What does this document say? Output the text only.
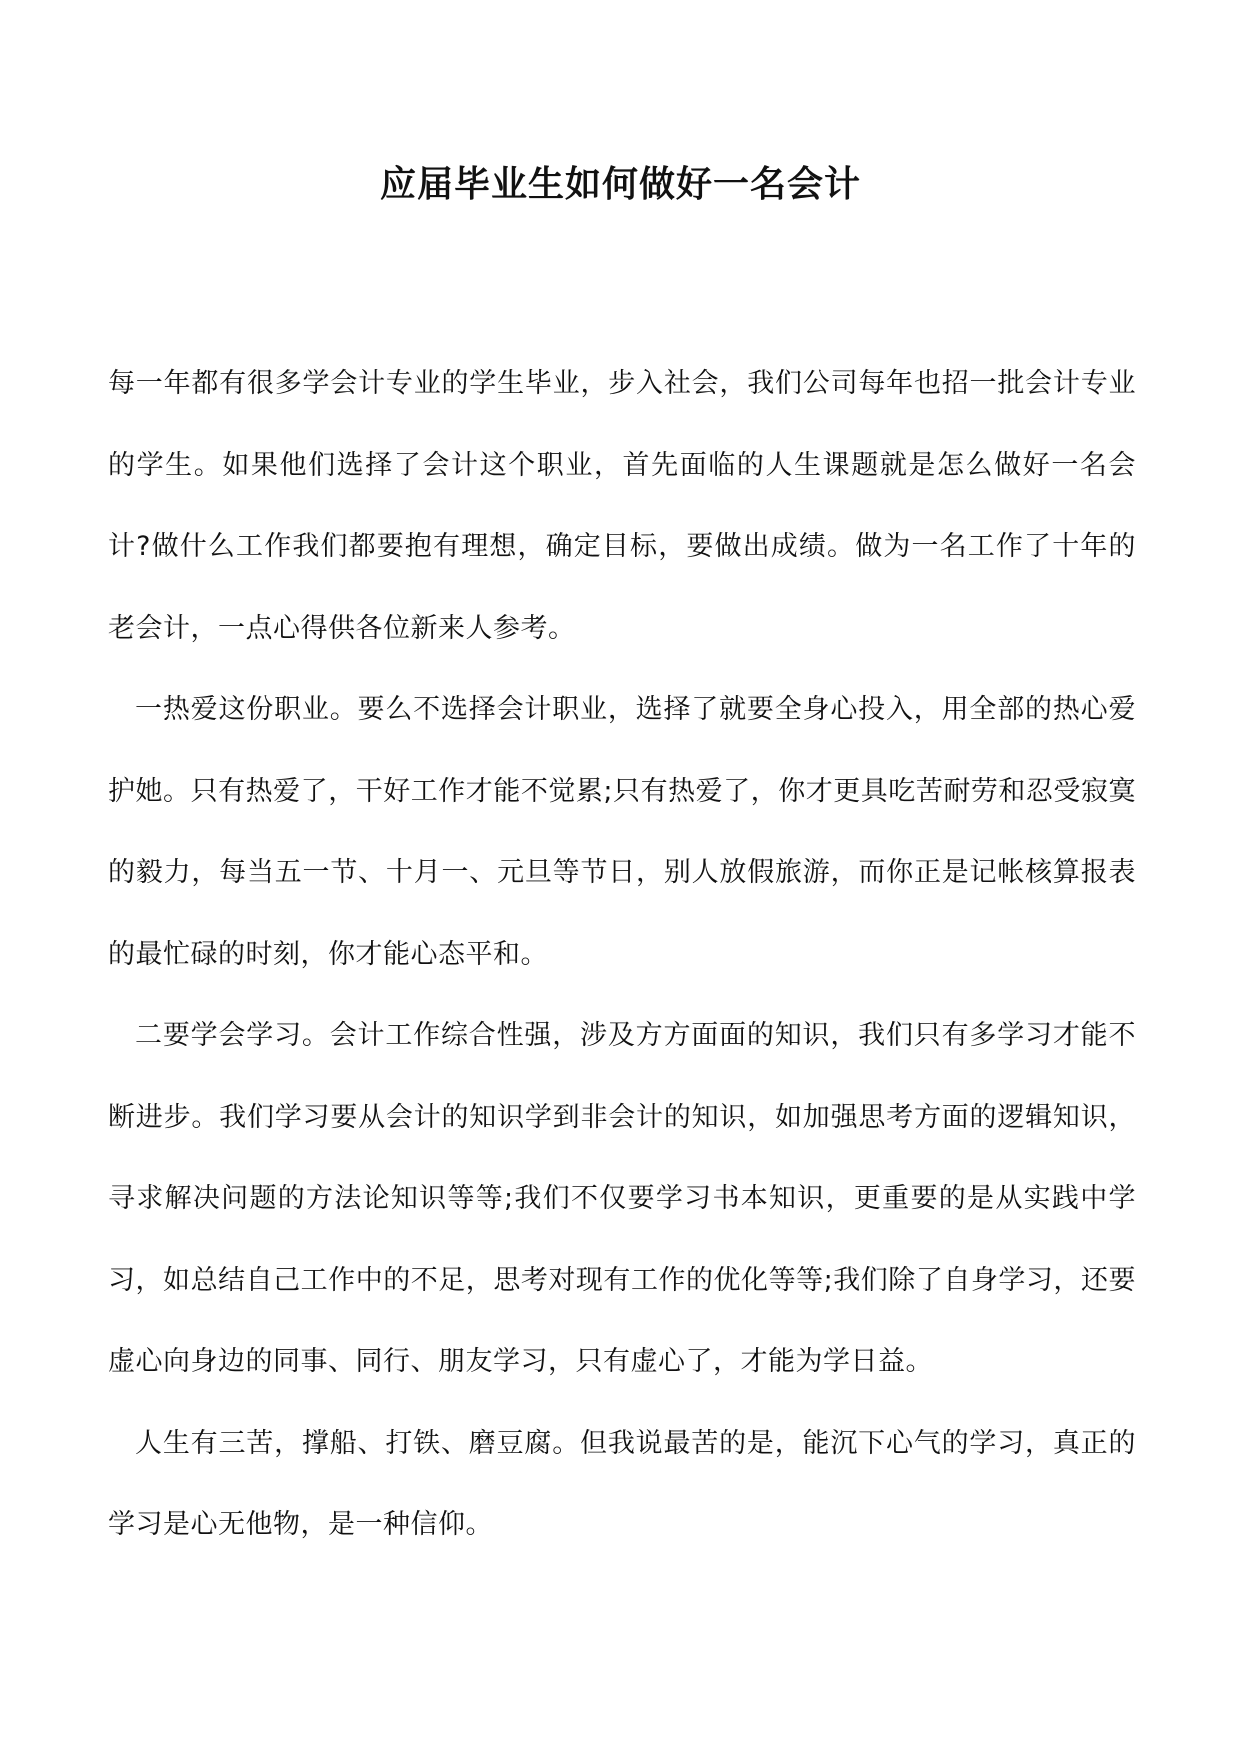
应届毕业生如何做好一名会计

每一年都有很多学会计专业的学生毕业，步入社会，我们公司每年也招一批会计专业的学生。如果他们选择了会计这个职业，首先面临的人生课题就是怎么做好一名会计?做什么工作我们都要抱有理想，确定目标，要做出成绩。做为一名工作了十年的老会计，一点心得供各位新来人参考。

一热爱这份职业。要么不选择会计职业，选择了就要全身心投入，用全部的热心爱护她。只有热爱了，干好工作才能不觉累;只有热爱了，你才更具吃苦耐劳和忍受寂寞的毅力，每当五一节、十月一、元旦等节日，别人放假旅游，而你正是记帐核算报表的最忙碌的时刻，你才能心态平和。

二要学会学习。会计工作综合性强，涉及方方面面的知识，我们只有多学习才能不断进步。我们学习要从会计的知识学到非会计的知识，如加强思考方面的逻辑知识，寻求解决问题的方法论知识等等;我们不仅要学习书本知识，更重要的是从实践中学习，如总结自己工作中的不足，思考对现有工作的优化等等;我们除了自身学习，还要虚心向身边的同事、同行、朋友学习，只有虚心了，才能为学日益。

人生有三苦，撑船、打铁、磨豆腐。但我说最苦的是，能沉下心气的学习，真正的学习是心无他物，是一种信仰。
